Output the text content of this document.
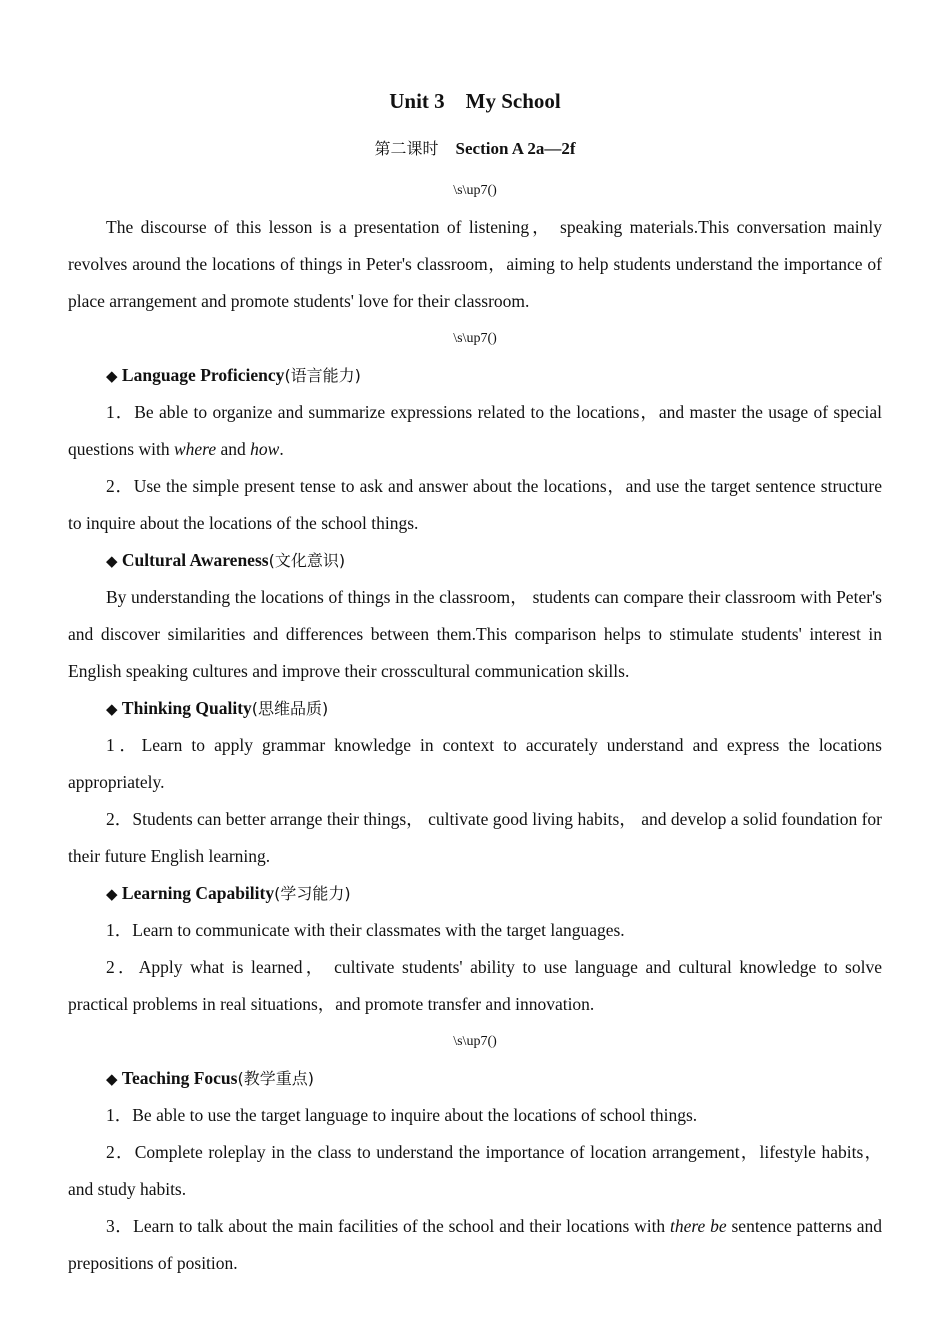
Unit 3　My School
第二课时 Section A 2a—2f
\s\up7()

The discourse of this lesson is a presentation of listening， speaking materials.This conversation mainly revolves around the locations of things in Peter's classroom，aiming to help students understand the importance of place arrangement and promote students' love for their classroom.

\s\up7()
◆ Language Proficiency(语言能力)

1．Be able to organize and summarize expressions related to the locations，and master the usage of special questions with where and how.

2．Use the simple present tense to ask and answer about the locations，and use the target sentence structure to inquire about the locations of the school things.

◆ Cultural Awareness(文化意识)

By understanding the locations of things in the classroom， students can compare their classroom with Peter's and discover similarities and differences between them.This comparison helps to stimulate students' interest in English speaking cultures and improve their crosscultural communication skills.

◆ Thinking Quality(思维品质)

1．Learn to apply grammar knowledge in context to accurately understand and express the locations appropriately.

2．Students can better arrange their things， cultivate good living habits， and develop a solid foundation for their future English learning.

◆ Learning Capability(学习能力)

1．Learn to communicate with their classmates with the target languages.

2．Apply what is learned， cultivate students' ability to use language and cultural knowledge to solve practical problems in real situations，and promote transfer and innovation.

\s\up7()
◆ Teaching Focus(教学重点)

1．Be able to use the target language to inquire about the locations of school things.

2．Complete roleplay in the class to understand the importance of location arrangement，lifestyle habits，and study habits.

3．Learn to talk about the main facilities of the school and their locations with there be sentence patterns and prepositions of position.
